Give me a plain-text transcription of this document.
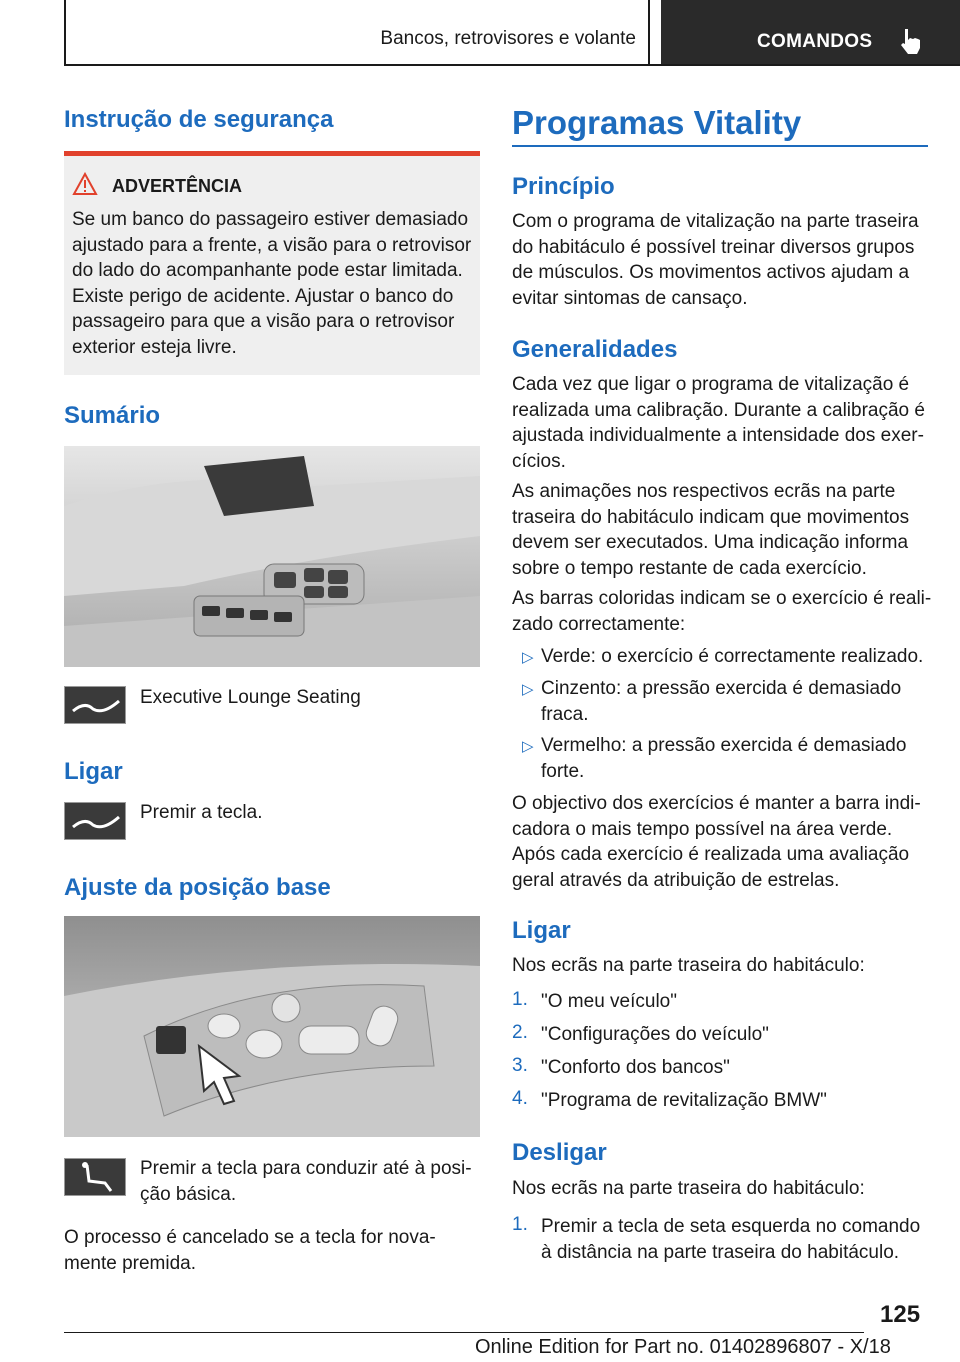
Bancos, retrovisores e volante	COMANDOS
Instrução de segurança
ADVERTÊNCIA
Se um banco do passageiro estiver demasiado
ajustado para a frente, a visão para o retrovisor
do lado do acompanhante pode estar limitada.
Existe perigo de acidente. Ajustar o banco do
passageiro para que a visão para o retrovisor
exterior esteja livre.
Sumário
Executive Lounge Seating
Ligar
Premir a tecla.
Ajuste da posição base
Premir a tecla para conduzir até à posi-
ção básica.
O processo é cancelado se a tecla for nova-
mente premida.
Programas Vitality
Princípio
Com o programa de vitalização na parte traseira
do habitáculo é possível treinar diversos grupos
de músculos. Os movimentos activos ajudam a
evitar sintomas de cansaço.
Generalidades
Cada vez que ligar o programa de vitalização é
realizada uma calibração. Durante a calibração é
ajustada individualmente a intensidade dos exer-
cícios.
As animações nos respectivos ecrãs na parte
traseira do habitáculo indicam que movimentos
devem ser executados. Uma indicação informa
sobre o tempo restante de cada exercício.
As barras coloridas indicam se o exercício é reali-
zado correctamente:
▷ Verde: o exercício é correctamente realizado.
▷ Cinzento: a pressão exercida é demasiado
fraca.
▷ Vermelho: a pressão exercida é demasiado
forte.
O objectivo dos exercícios é manter a barra indi-
cadora o mais tempo possível na área verde.
Após cada exercício é realizada uma avaliação
geral através da atribuição de estrelas.
Ligar
Nos ecrãs na parte traseira do habitáculo:
1. "O meu veículo"
2. "Configurações do veículo"
3. "Conforto dos bancos"
4. "Programa de revitalização BMW"
Desligar
Nos ecrãs na parte traseira do habitáculo:
1. Premir a tecla de seta esquerda no comando
à distância na parte traseira do habitáculo.
125
Online Edition for Part no. 01402896807 - X/18
